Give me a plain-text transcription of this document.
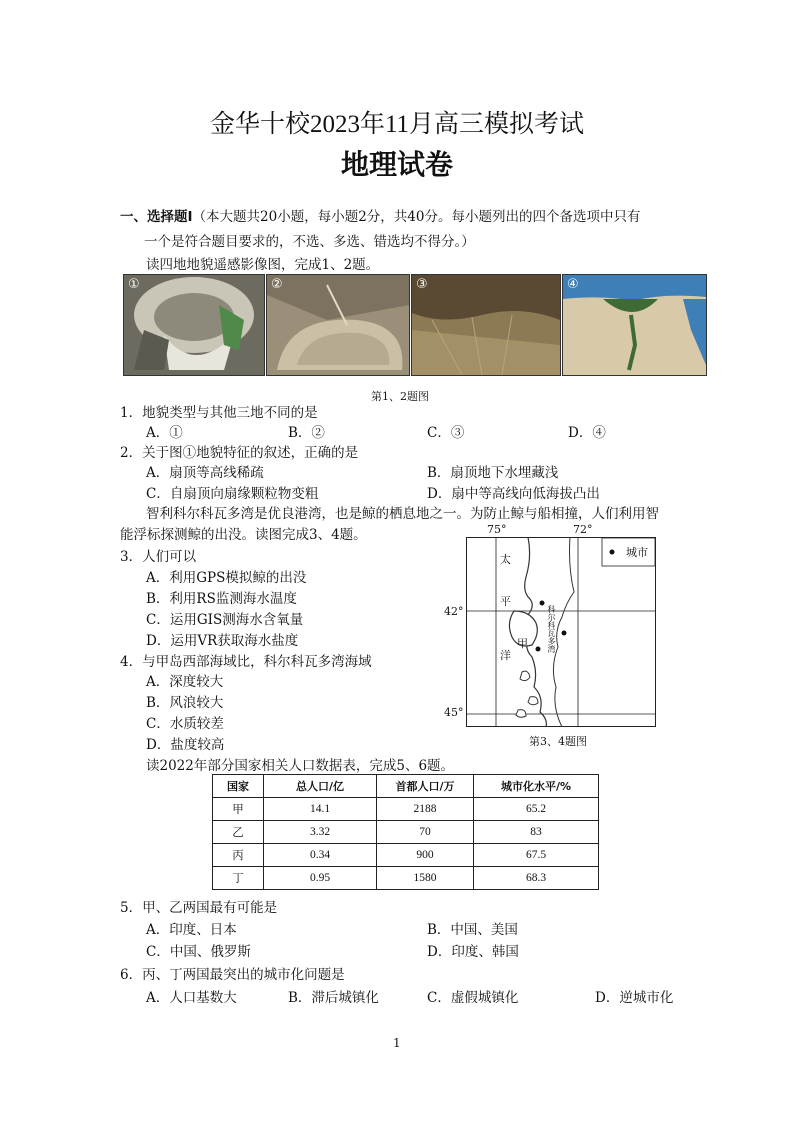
金华十校2023年11月高三模拟考试
地理试卷
一、选择题Ⅰ（本大题共20小题，每小题2分，共40分。每小题列出的四个备选项中只有
一个是符合题目要求的，不选、多选、错选均不得分。）
读四地地貌遥感影像图，完成1、2题。
①	②	③	④
第1、2题图
1．地貌类型与其他三地不同的是
A．①	B．②	C．③	D．④
2．关于图①地貌特征的叙述，正确的是
A．扇顶等高线稀疏	B．扇顶地下水埋藏浅
C．自扇顶向扇缘颗粒物变粗	D．扇中等高线向低海拔凸出
智利科尔科瓦多湾是优良港湾，也是鲸的栖息地之一。为防止鲸与船相撞，人们利用智
能浮标探测鲸的出没。读图完成3、4题。
3．人们可以
A．利用GPS模拟鲸的出没
B．利用RS监测海水温度
C．运用GIS测海水含氧量
D．运用VR获取海水盐度
4．与甲岛西部海域比，科尔科瓦多湾海域
A．深度较大
B．风浪较大
C．水质较差
D．盐度较高
75°	72°
42°
45°
城市
太
平
洋
科尔科瓦多湾
甲
第3、4题图
读2022年部分国家相关人口数据表，完成5、6题。
国家	总人口/亿	首都人口/万	城市化水平/%
甲	14.1	2188	65.2
乙	3.32	70	83
丙	0.34	900	67.5
丁	0.95	1580	68.3
5．甲、乙两国最有可能是
A．印度、日本	B．中国、美国
C．中国、俄罗斯	D．印度、韩国
6．丙、丁两国最突出的城市化问题是
A．人口基数大	B．滞后城镇化	C．虚假城镇化	D．逆城市化
1
